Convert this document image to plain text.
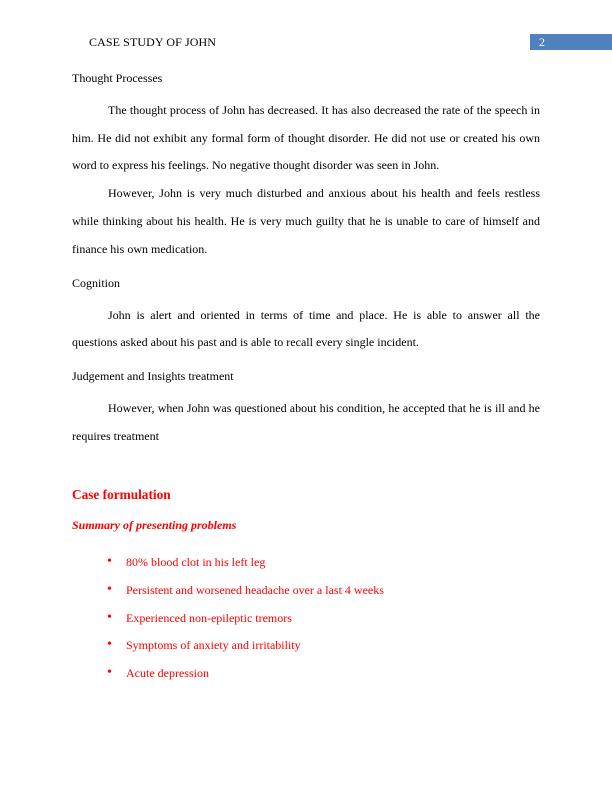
CASE STUDY OF JOHN	2

Thought Processes

The thought process of John has decreased. It has also decreased the rate of the speech in him. He did not exhibit any formal form of thought disorder. He did not use or created his own word to express his feelings. No negative thought disorder was seen in John.

However, John is very much disturbed and anxious about his health and feels restless while thinking about his health. He is very much guilty that he is unable to care of himself and finance his own medication.

Cognition

John is alert and oriented in terms of time and place. He is able to answer all the questions asked about his past and is able to recall every single incident.

Judgement and Insights treatment

However, when John was questioned about his condition, he accepted that he is ill and he requires treatment

Case formulation

Summary of presenting problems

• 80% blood clot in his left leg
• Persistent and worsened headache over a last 4 weeks
• Experienced non-epileptic tremors
• Symptoms of anxiety and irritability
• Acute depression
